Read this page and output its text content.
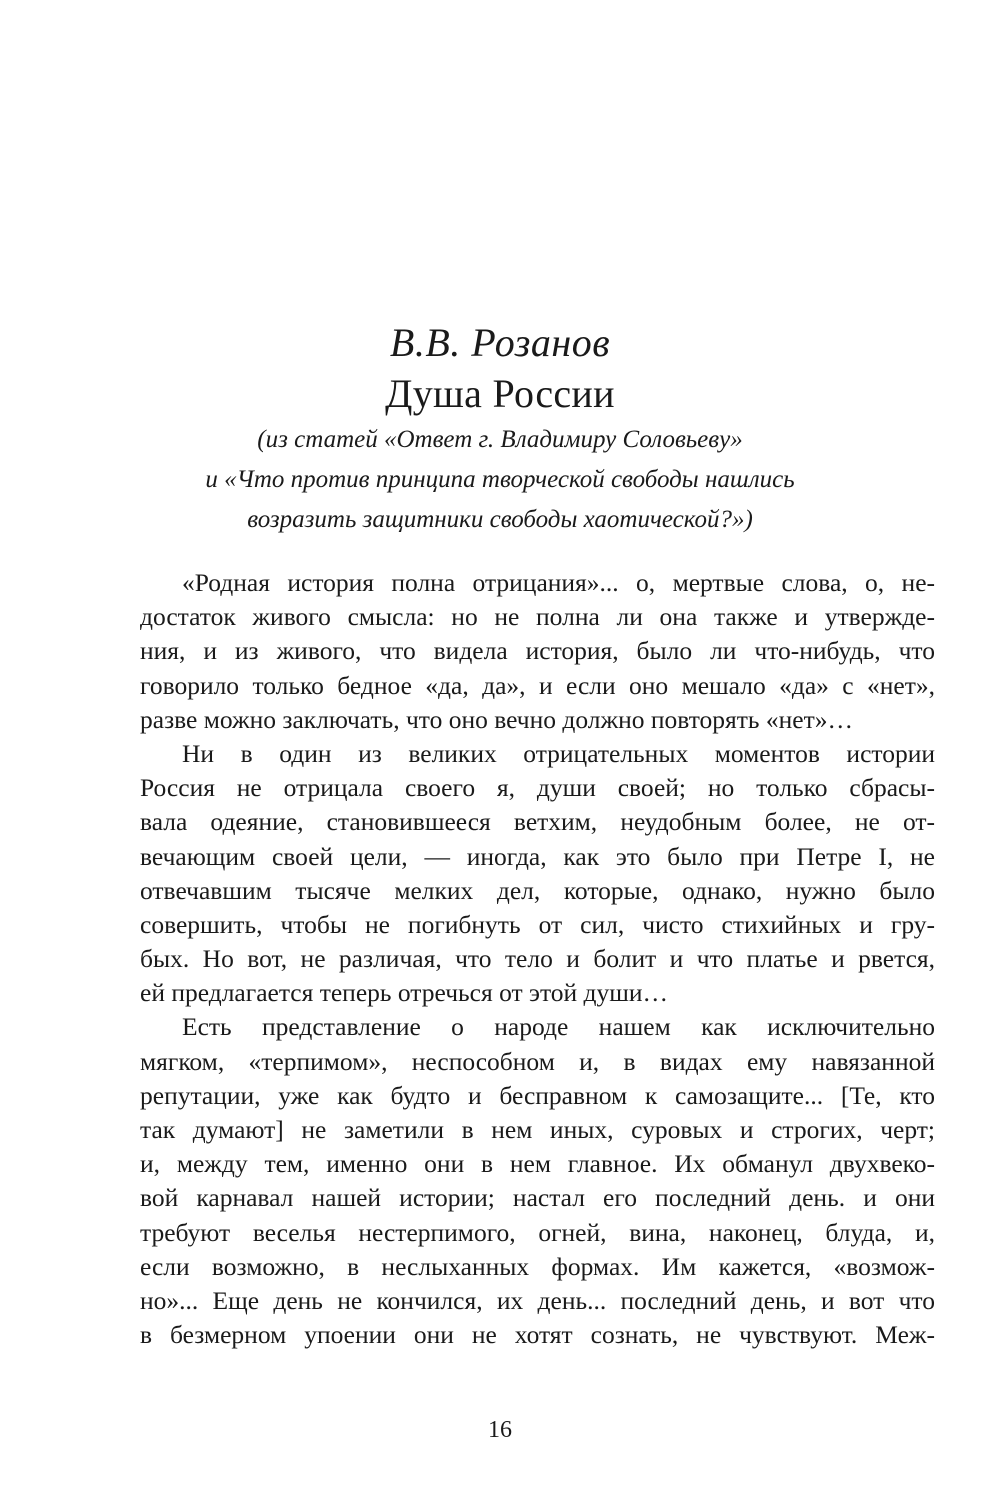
В.В. Розанов
Душа России
(из статей «Ответ г. Владимиру Соловьеву»
и «Что против принципа творческой свободы нашлись
возразить защитники свободы хаотической?»)
«Родная история полна отрицания»... о, мертвые слова, о, не-
достаток живого смысла: но не полна ли она также и утвержде-
ния, и из живого, что видела история, было ли что-нибудь, что
говорило только бедное «да, да», и если оно мешало «да» с «нет»,
разве можно заключать, что оно вечно должно повторять «нет»…
Ни в один из великих отрицательных моментов истории
Россия не отрицала своего я, души своей; но только сбрасы-
вала одеяние, становившееся ветхим, неудобным более, не от-
вечающим своей цели, — иногда, как это было при Петре I, не
отвечавшим тысяче мелких дел, которые, однако, нужно было
совершить, чтобы не погибнуть от сил, чисто стихийных и гру-
бых. Но вот, не различая, что тело и болит и что платье и рвется,
ей предлагается теперь отречься от этой души…
Есть представление о народе нашем как исключительно
мягком, «терпимом», неспособном и, в видах ему навязанной
репутации, уже как будто и бесправном к самозащите... [Те, кто
так думают] не заметили в нем иных, суровых и строгих, черт;
и, между тем, именно они в нем главное. Их обманул двухвеко-
вой карнавал нашей истории; настал его последний день. и они
требуют веселья нестерпимого, огней, вина, наконец, блуда, и,
если возможно, в неслыханных формах. Им кажется, «возмож-
но»... Еще день не кончился, их день... последний день, и вот что
в безмерном упоении они не хотят сознать, не чувствуют. Меж-
16
